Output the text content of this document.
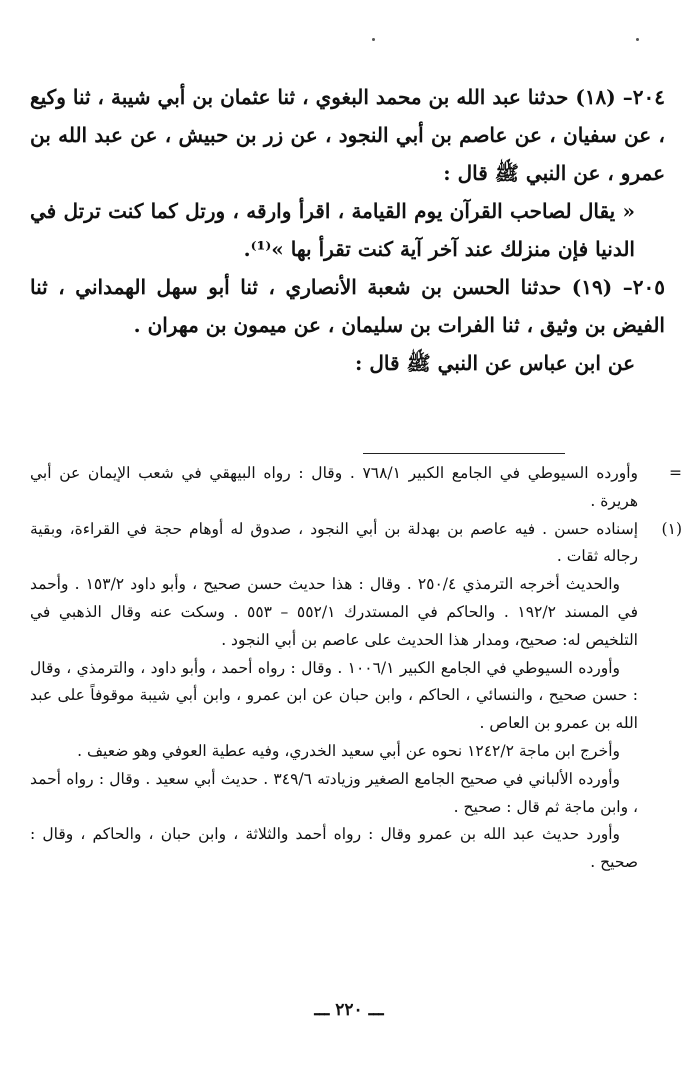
٢٠٤– (١٨) حدثنا عبد الله بن محمد البغوي ، ثنا عثمان بن أبي شيبة ، ثنا وكيع ، عن سفيان ، عن عاصم بن أبي النجود ، عن زر بن حبيش ، عن عبد الله بن عمرو ، عن النبي ﷺ قال :

« يقال لصاحب القرآن يوم القيامة ، اقرأ وارقه ، ورتل كما كنت ترتل في الدنيا فإن منزلك عند آخر آية كنت تقرأ بها »⁽¹⁾.

٢٠٥– (١٩) حدثنا الحسن بن شعبة الأنصاري ، ثنا أبو سهل الهمداني ، ثنا الفيض بن وثيق ، ثنا الفرات بن سليمان ، عن ميمون بن مهران .

عن ابن عباس عن النبي ﷺ قال :

=

وأورده السيوطي في الجامع الكبير ٧٦٨/١ . وقال : رواه البيهقي في شعب الإيمان عن أبي هريرة .

(١)

إسناده حسن . فيه عاصم بن بهدلة بن أبي النجود ، صدوق له أوهام حجة في القراءة، وبقية رجاله ثقات .

والحديث أخرجه الترمذي ٢٥٠/٤ . وقال : هذا حديث حسن صحيح ، وأبو داود ١٥٣/٢ . وأحمد في المسند ١٩٢/٢ . والحاكم في المستدرك ٥٥٢/١ – ٥٥٣ . وسكت عنه وقال الذهبي في التلخيص له: صحيح، ومدار هذا الحديث على عاصم بن أبي النجود .

وأورده السيوطي في الجامع الكبير ١٠٠٦/١ . وقال : رواه أحمد ، وأبو داود ، والترمذي ، وقال : حسن صحيح ، والنسائي ، الحاكم ، وابن حبان عن ابن عمرو ، وابن أبي شيبة موقوفاً على عبد الله بن عمرو بن العاص .

وأخرج ابن ماجة ١٢٤٢/٢ نحوه عن أبي سعيد الخدري، وفيه عطية العوفي وهو ضعيف .

وأورده الألباني في صحيح الجامع الصغير وزيادته ٣٤٩/٦ . حديث أبي سعيد . وقال : رواه أحمد ، وابن ماجة ثم قال : صحيح .

وأورد حديث عبد الله بن عمرو وقال : رواه أحمد والثلاثة ، وابن حبان ، والحاكم ، وقال : صحيح .

ـــ ٢٢٠ ـــ
